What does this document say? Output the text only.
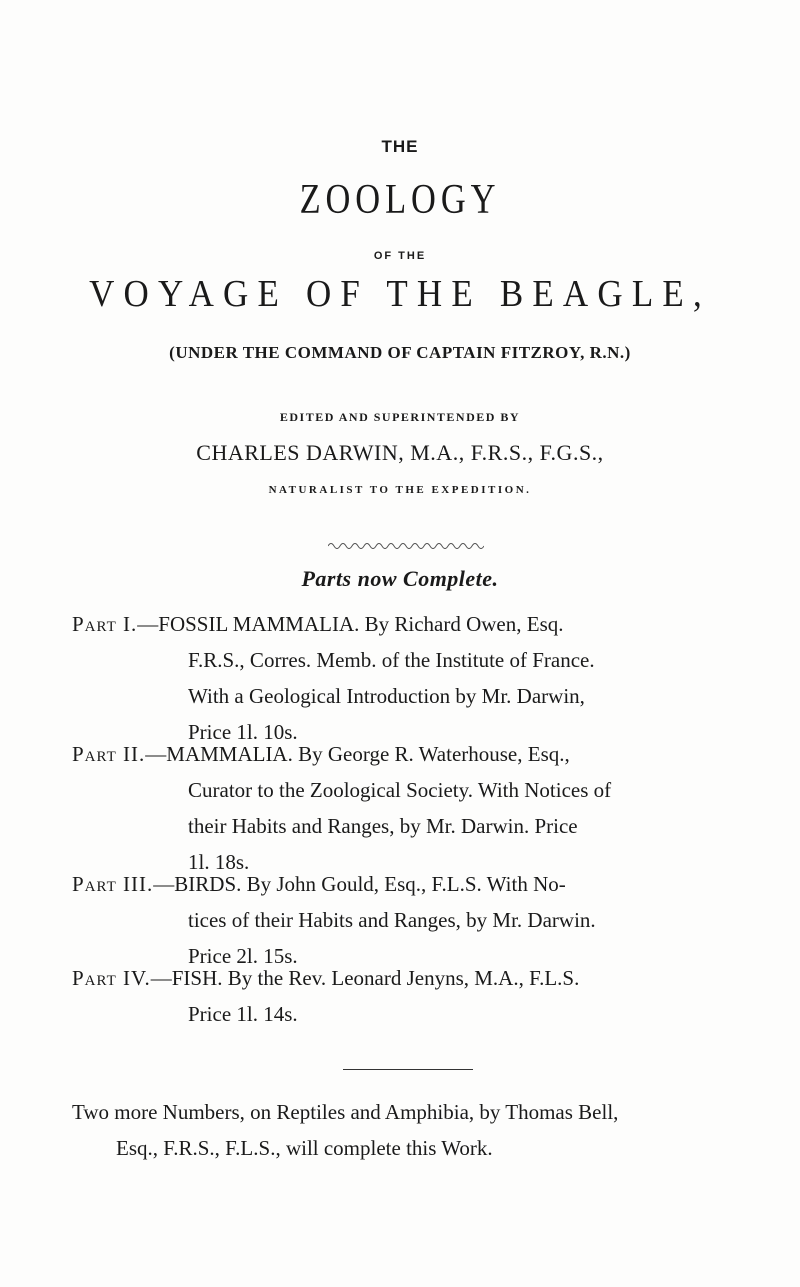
THE
ZOOLOGY
OF THE
VOYAGE OF THE BEAGLE,
(UNDER THE COMMAND OF CAPTAIN FITZROY, R.N.)
EDITED AND SUPERINTENDED BY
CHARLES DARWIN, M.A., F.R.S., F.G.S.,
NATURALIST TO THE EXPEDITION.
Parts now Complete.
Part I.—FOSSIL MAMMALIA. By Richard Owen, Esq.
F.R.S., Corres. Memb. of the Institute of France.
With a Geological Introduction by Mr. Darwin,
Price 1l. 10s.
Part II.—MAMMALIA. By George R. Waterhouse, Esq.,
Curator to the Zoological Society. With Notices of
their Habits and Ranges, by Mr. Darwin. Price
1l. 18s.
Part III.—BIRDS. By John Gould, Esq., F.L.S. With No-
tices of their Habits and Ranges, by Mr. Darwin.
Price 2l. 15s.
Part IV.—FISH. By the Rev. Leonard Jenyns, M.A., F.L.S.
Price 1l. 14s.
Two more Numbers, on Reptiles and Amphibia, by Thomas Bell,
Esq., F.R.S., F.L.S., will complete this Work.
